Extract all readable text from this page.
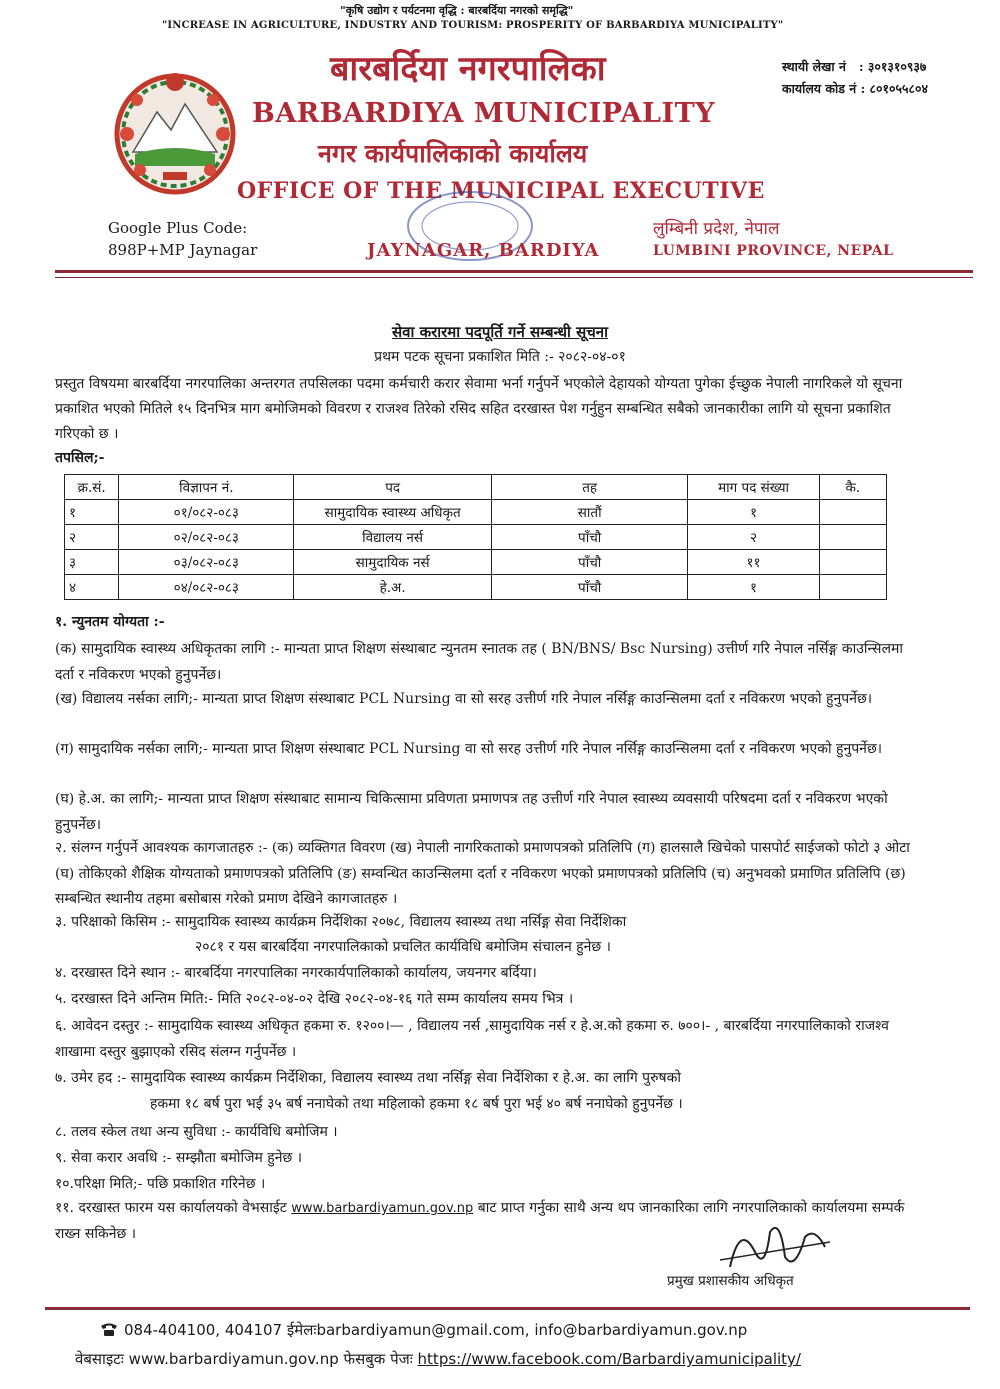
"कृषि उद्योग र पर्यटनमा वृद्धि : बारबर्दिया नगरको समृद्धि"
"INCREASE IN AGRICULTURE, INDUSTRY AND TOURISM: PROSPERITY OF BARBARDIYA MUNICIPALITY"
बारबर्दिया नगरपालिका
BARBARDIYA MUNICIPALITY
नगर कार्यपालिकाको कार्यालय
OFFICE OF THE MUNICIPAL EXECUTIVE
JAYNAGAR, BARDIYA
Google Plus Code:
898P+MP Jaynagar
लुम्बिनी प्रदेश, नेपाल
LUMBINI PROVINCE, NEPAL
स्थायी लेखा नं : ३०१३१०९३७
कार्यालय कोड नं : ८०१०५५८०४
सेवा करारमा पदपूर्ति गर्ने सम्बन्धी सूचना
प्रथम पटक सूचना प्रकाशित मिति :- २०८२-०४-०१
प्रस्तुत विषयमा बारबर्दिया नगरपालिका अन्तरगत तपसिलका पदमा कर्मचारी करार सेवामा भर्ना गर्नुपर्ने भएकोले देहायको योग्यता पुगेका ईच्छुक नेपाली नागरिकले यो सूचना प्रकाशित भएको मितिले १५ दिनभित्र माग बमोजिमको विवरण र राजश्व तिरेको रसिद सहित दरखास्त पेश गर्नुहुन सम्बन्धित सबैको जानकारीका लागि यो सूचना प्रकाशित गरिएको छ ।
तपसिल;-
क्र.सं.	विज्ञापन नं.	पद	तह	माग पद संख्या	कै.
१	०१/०८२-०८३	सामुदायिक स्वास्थ्य अधिकृत	सातौं	१	
२	०२/०८२-०८३	विद्यालय नर्स	पाँचौ	२	
३	०३/०८२-०८३	सामुदायिक नर्स	पाँचौ	११	
४	०४/०८२-०८३	हे.अ.	पाँचौ	१	
१. न्युनतम योग्यता :-
(क) सामुदायिक स्वास्थ्य अधिकृतका लागि :- मान्यता प्राप्त शिक्षण संस्थाबाट न्युनतम स्नातक तह ( BN/BNS/ Bsc Nursing) उत्तीर्ण गरि नेपाल नर्सिङ्ग काउन्सिलमा दर्ता र नविकरण भएको हुनुपर्नेछ।
(ख) विद्यालय नर्सका लागि;- मान्यता प्राप्त शिक्षण संस्थाबाट PCL Nursing वा सो सरह उत्तीर्ण गरि नेपाल नर्सिङ्ग काउन्सिलमा दर्ता र नविकरण भएको हुनुपर्नेछ।
(ग) सामुदायिक नर्सका लागि;- मान्यता प्राप्त शिक्षण संस्थाबाट PCL Nursing वा सो सरह उत्तीर्ण गरि नेपाल नर्सिङ्ग काउन्सिलमा दर्ता र नविकरण भएको हुनुपर्नेछ।
(घ) हे.अ. का लागि;- मान्यता प्राप्त शिक्षण संस्थाबाट सामान्य चिकित्सामा प्रविणता प्रमाणपत्र तह उत्तीर्ण गरि नेपाल स्वास्थ्य व्यवसायी परिषदमा दर्ता र नविकरण भएको हुनुपर्नेछ।
२. संलग्न गर्नुपर्ने आवश्यक कागजातहरु :- (क) व्यक्तिगत विवरण (ख) नेपाली नागरिकताको प्रमाणपत्रको प्रतिलिपि (ग) हालसालै खिचेको पासपोर्ट साईजको फोटो ३ ओटा (घ) तोकिएको शैक्षिक योग्यताको प्रमाणपत्रको प्रतिलिपि (ङ) सम्वन्धित काउन्सिलमा दर्ता र नविकरण भएको प्रमाणपत्रको प्रतिलिपि (च) अनुभवको प्रमाणित प्रतिलिपि (छ) सम्बन्धित स्थानीय तहमा बसोबास गरेको प्रमाण देखिने कागजातहरु ।
३. परिक्षाको किसिम :- सामुदायिक स्वास्थ्य कार्यक्रम निर्देशिका २०७८, विद्यालय स्वास्थ्य तथा नर्सिङ्ग सेवा निर्देशिका
२०८१ र यस बारबर्दिया नगरपालिकाको प्रचलित कार्यविधि बमोजिम संचालन हुनेछ ।
४. दरखास्त दिने स्थान :- बारबर्दिया नगरपालिका नगरकार्यपालिकाको कार्यालय, जयनगर बर्दिया।
५. दरखास्त दिने अन्तिम मिति:- मिति २०८२-०४-०२ देखि २०८२-०४-१६ गते सम्म कार्यालय समय भित्र ।
६. आवेदन दस्तुर :- सामुदायिक स्वास्थ्य अधिकृत हकमा रु. १२००।— , विद्यालय नर्स ,सामुदायिक नर्स र हे.अ.को हकमा रु. ७००।- , बारबर्दिया नगरपालिकाको राजश्व शाखामा दस्तुर बुझाएको रसिद संलग्न गर्नुपर्नेछ ।
७. उमेर हद :- सामुदायिक स्वास्थ्य कार्यक्रम निर्देशिका, विद्यालय स्वास्थ्य तथा नर्सिङ्ग सेवा निर्देशिका र हे.अ. का लागि पुरुषको
हकमा १८ बर्ष पुरा भई ३५ बर्ष ननाघेको तथा महिलाको हकमा १८ बर्ष पुरा भई ४० बर्ष ननाघेको हुनुपर्नेछ ।
८. तलव स्केल तथा अन्य सुविधा :- कार्यविधि बमोजिम ।
९. सेवा करार अवधि :- सम्झौता बमोजिम हुनेछ ।
१०.परिक्षा मिति;- पछि प्रकाशित गरिनेछ ।
११. दरखास्त फारम यस कार्यालयको वेभसाईट www.barbardiyamun.gov.np बाट प्राप्त गर्नुका साथै अन्य थप जानकारिका लागि नगरपालिकाको कार्यालयमा सम्पर्क राख्न सकिनेछ ।
प्रमुख प्रशासकीय अधिकृत
084-404100, 404107 ईमेलःbarbardiyamun@gmail.com, info@barbardiyamun.gov.np
वेबसाइटः www.barbardiyamun.gov.np फेसबुक पेजः https://www.facebook.com/Barbardiyamunicipality/
